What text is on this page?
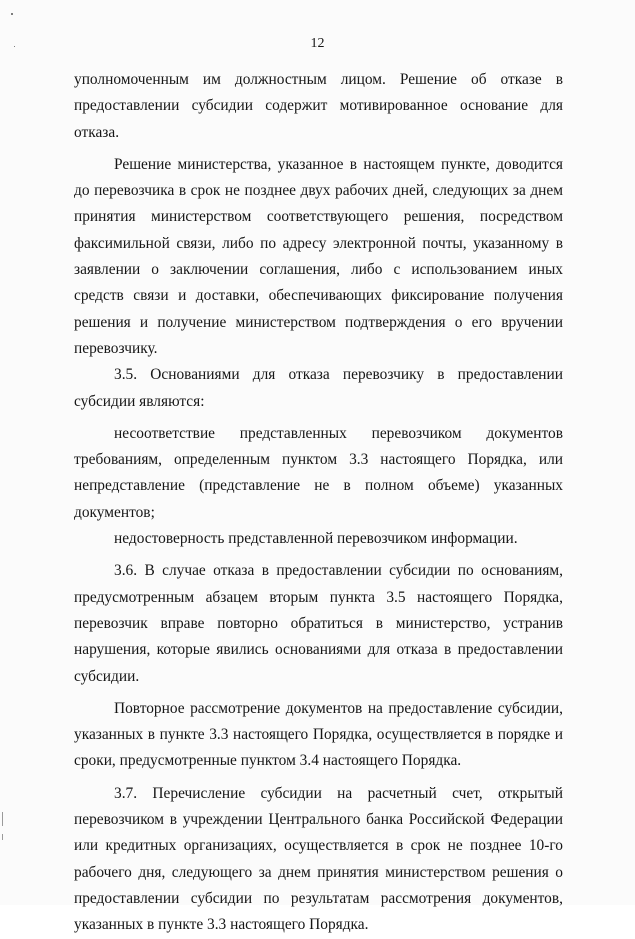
12

уполномоченным им должностным лицом. Решение об отказе в предоставлении субсидии содержит мотивированное основание для отказа.

Решение министерства, указанное в настоящем пункте, доводится до перевозчика в срок не позднее двух рабочих дней, следующих за днем принятия министерством соответствующего решения, посредством факсимильной связи, либо по адресу электронной почты, указанному в заявлении о заключении соглашения, либо с использованием иных средств связи и доставки, обеспечивающих фиксирование получения решения и получение министерством подтверждения о его вручении перевозчику.

3.5. Основаниями для отказа перевозчику в предоставлении субсидии являются:

несоответствие представленных перевозчиком документов требованиям, определенным пунктом 3.3 настоящего Порядка, или непредставление (представление не в полном объеме) указанных документов;

недостоверность представленной перевозчиком информации.

3.6. В случае отказа в предоставлении субсидии по основаниям, предусмотренным абзацем вторым пункта 3.5 настоящего Порядка, перевозчик вправе повторно обратиться в министерство, устранив нарушения, которые явились основаниями для отказа в предоставлении субсидии.

Повторное рассмотрение документов на предоставление субсидии, указанных в пункте 3.3 настоящего Порядка, осуществляется в порядке и сроки, предусмотренные пунктом 3.4 настоящего Порядка.

3.7. Перечисление субсидии на расчетный счет, открытый перевозчиком в учреждении Центрального банка Российской Федерации или кредитных организациях, осуществляется в срок не позднее 10-го рабочего дня, следующего за днем принятия министерством решения о предоставлении субсидии по результатам рассмотрения документов, указанных в пункте 3.3 настоящего Порядка.
